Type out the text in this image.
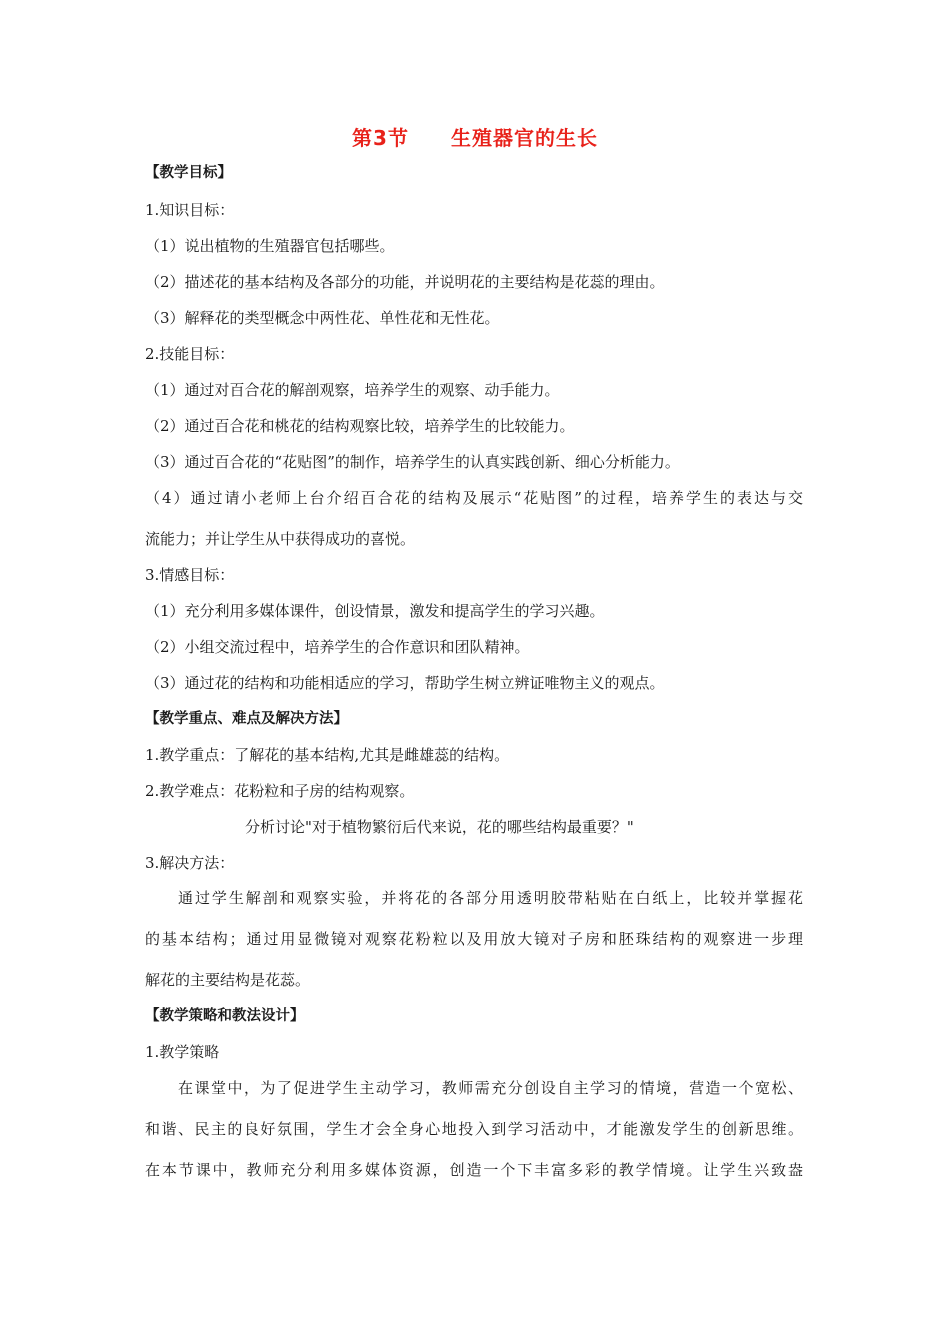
第3节 生殖器官的生长
【教学目标】
1.知识目标：
（1）说出植物的生殖器官包括哪些。
（2）描述花的基本结构及各部分的功能，并说明花的主要结构是花蕊的理由。
（3）解释花的类型概念中两性花、单性花和无性花。
2.技能目标：
（1）通过对百合花的解剖观察，培养学生的观察、动手能力。
（2）通过百合花和桃花的结构观察比较，培养学生的比较能力。
（3）通过百合花的“花贴图”的制作，培养学生的认真实践创新、细心分析能力。
（4）通过请小老师上台介绍百合花的结构及展示“花贴图”的过程，培养学生的表达与交
流能力；并让学生从中获得成功的喜悦。
3.情感目标：
（1）充分利用多媒体课件，创设情景，激发和提高学生的学习兴趣。
（2）小组交流过程中，培养学生的合作意识和团队精神。
（3）通过花的结构和功能相适应的学习，帮助学生树立辨证唯物主义的观点。
【教学重点、难点及解决方法】
1.教学重点：了解花的基本结构,尤其是雌雄蕊的结构。
2.教学难点：花粉粒和子房的结构观察。
分析讨论"对于植物繁衍后代来说，花的哪些结构最重要？"
3.解决方法：
通过学生解剖和观察实验，并将花的各部分用透明胶带粘贴在白纸上，比较并掌握花
的基本结构；通过用显微镜对观察花粉粒以及用放大镜对子房和胚珠结构的观察进一步理
解花的主要结构是花蕊。
【教学策略和教法设计】
1.教学策略
在课堂中，为了促进学生主动学习，教师需充分创设自主学习的情境，营造一个宽松、
和谐、民主的良好氛围，学生才会全身心地投入到学习活动中，才能激发学生的创新思维。
在本节课中，教师充分利用多媒体资源，创造一个下丰富多彩的教学情境。让学生兴致盎
